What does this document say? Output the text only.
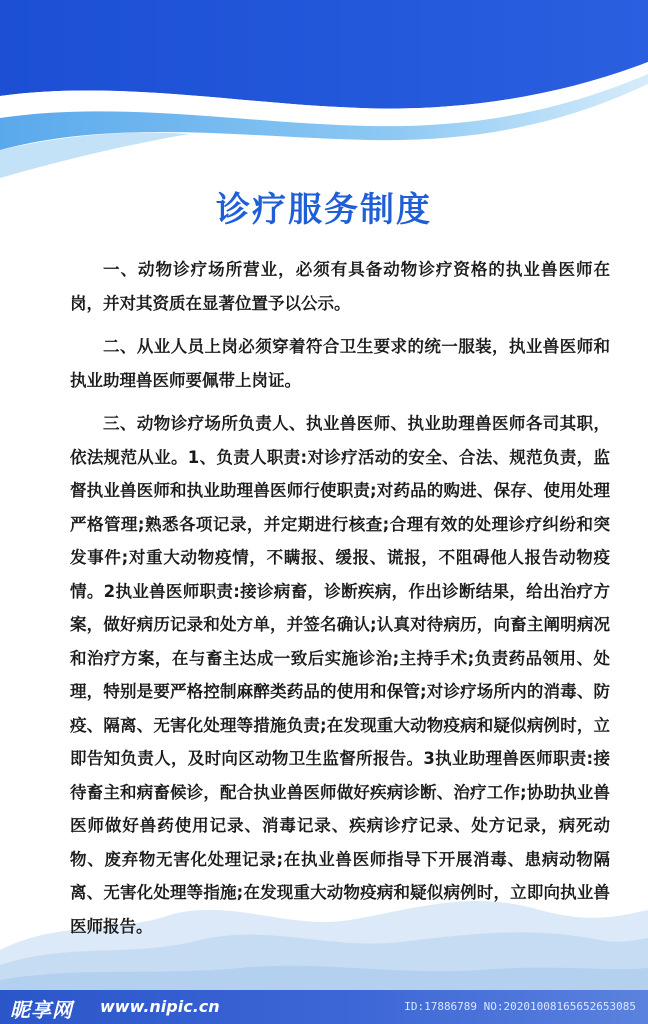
诊疗服务制度

一、动物诊疗场所营业，必须有具备动物诊疗资格的执业兽医师在岗，并对其资质在显著位置予以公示。

二、从业人员上岗必须穿着符合卫生要求的统一服装，执业兽医师和执业助理兽医师要佩带上岗证。

三、动物诊疗场所负责人、执业兽医师、执业助理兽医师各司其职，依法规范从业。1、负责人职责:对诊疗活动的安全、合法、规范负责，监督执业兽医师和执业助理兽医师行使职责;对药品的购进、保存、使用处理严格管理;熟悉各项记录，并定期进行核查;合理有效的处理诊疗纠纷和突发事件;对重大动物疫情，不瞒报、缓报、谎报，不阻碍他人报告动物疫情。2执业兽医师职责:接诊病畜，诊断疾病，作出诊断结果，给出治疗方案，做好病历记录和处方单，并签名确认;认真对待病历，向畜主阐明病况和治疗方案，在与畜主达成一致后实施诊治;主持手术;负责药品领用、处理，特别是要严格控制麻醉类药品的使用和保管;对诊疗场所内的消毒、防疫、隔离、无害化处理等措施负责;在发现重大动物疫病和疑似病例时，立即告知负责人，及时向区动物卫生监督所报告。3执业助理兽医师职责:接待畜主和病畜候诊，配合执业兽医师做好疾病诊断、治疗工作;协助执业兽医师做好兽药使用记录、消毒记录、疾病诊疗记录、处方记录，病死动物、废弃物无害化处理记录;在执业兽医师指导下开展消毒、患病动物隔离、无害化处理等指施;在发现重大动物疫病和疑似病例时，立即向执业兽医师报告。

昵享网 www.nipic.cn	ID:17886789 NO:20201008165652653085
